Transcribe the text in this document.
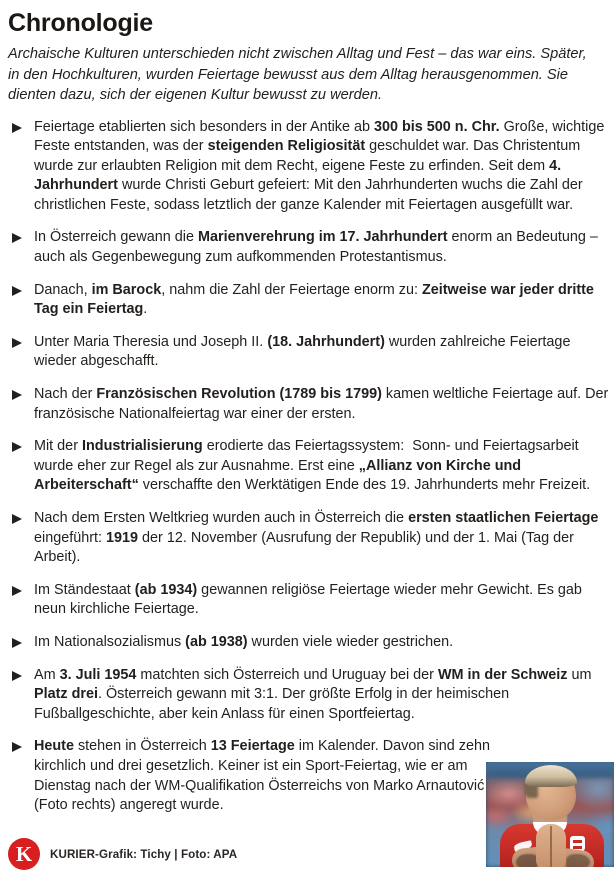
Chronologie

Archaische Kulturen unterschieden nicht zwischen Alltag und Fest – das war eins. Später, in den Hochkulturen, wurden Feiertage bewusst aus dem Alltag herausgenommen. Sie dienten dazu, sich der eigenen Kultur bewusst zu werden.

Feiertage etablierten sich besonders in der Antike ab 300 bis 500 n. Chr. Große, wichtige Feste entstanden, was der steigenden Religiosität geschuldet war. Das Christentum wurde zur erlaubten Religion mit dem Recht, eigene Feste zu erfinden. Seit dem 4. Jahrhundert wurde Christi Geburt gefeiert: Mit den Jahrhunderten wuchs die Zahl der christlichen Feste, sodass letztlich der ganze Kalender mit Feiertagen ausgefüllt war.
In Österreich gewann die Marienverehrung im 17. Jahrhundert enorm an Bedeutung – auch als Gegenbewegung zum aufkommenden Protestantismus.
Danach, im Barock, nahm die Zahl der Feiertage enorm zu: Zeitweise war jeder dritte Tag ein Feiertag.
Unter Maria Theresia und Joseph II. (18. Jahrhundert) wurden zahlreiche Feiertage wieder abgeschafft.
Nach der Französischen Revolution (1789 bis 1799) kamen weltliche Feiertage auf. Der französische Nationalfeiertag war einer der ersten.
Mit der Industrialisierung erodierte das Feiertagssystem:  Sonn- und Feiertagsarbeit wurde eher zur Regel als zur Ausnahme. Erst eine „Allianz von Kirche und Arbeiterschaft“ verschaffte den Werktätigen Ende des 19. Jahrhunderts mehr Freizeit.
Nach dem Ersten Weltkrieg wurden auch in Österreich die ersten staatlichen Feiertage eingeführt: 1919 der 12. November (Ausrufung der Republik) und der 1. Mai (Tag der Arbeit).
Im Ständestaat (ab 1934) gewannen religiöse Feiertage wieder mehr Gewicht. Es gab neun kirchliche Feiertage.
Im Nationalsozialismus (ab 1938) wurden viele wieder gestrichen.
Am 3. Juli 1954 matchten sich Österreich und Uruguay bei der WM in der Schweiz um Platz drei. Österreich gewann mit 3:1. Der größte Erfolg in der heimischen Fußballgeschichte, aber kein Anlass für einen Sportfeiertag.
Heute stehen in Österreich 13 Feiertage im Kalender. Davon sind zehn kirchlich und drei gesetzlich. Keiner ist ein Sport-Feiertag, wie er am Dienstag nach der WM-Qualifikation Österreichs von Marko Arnautović (Foto rechts) angeregt wurde.
K	KURIER-Grafik: Tichy | Foto: APA
